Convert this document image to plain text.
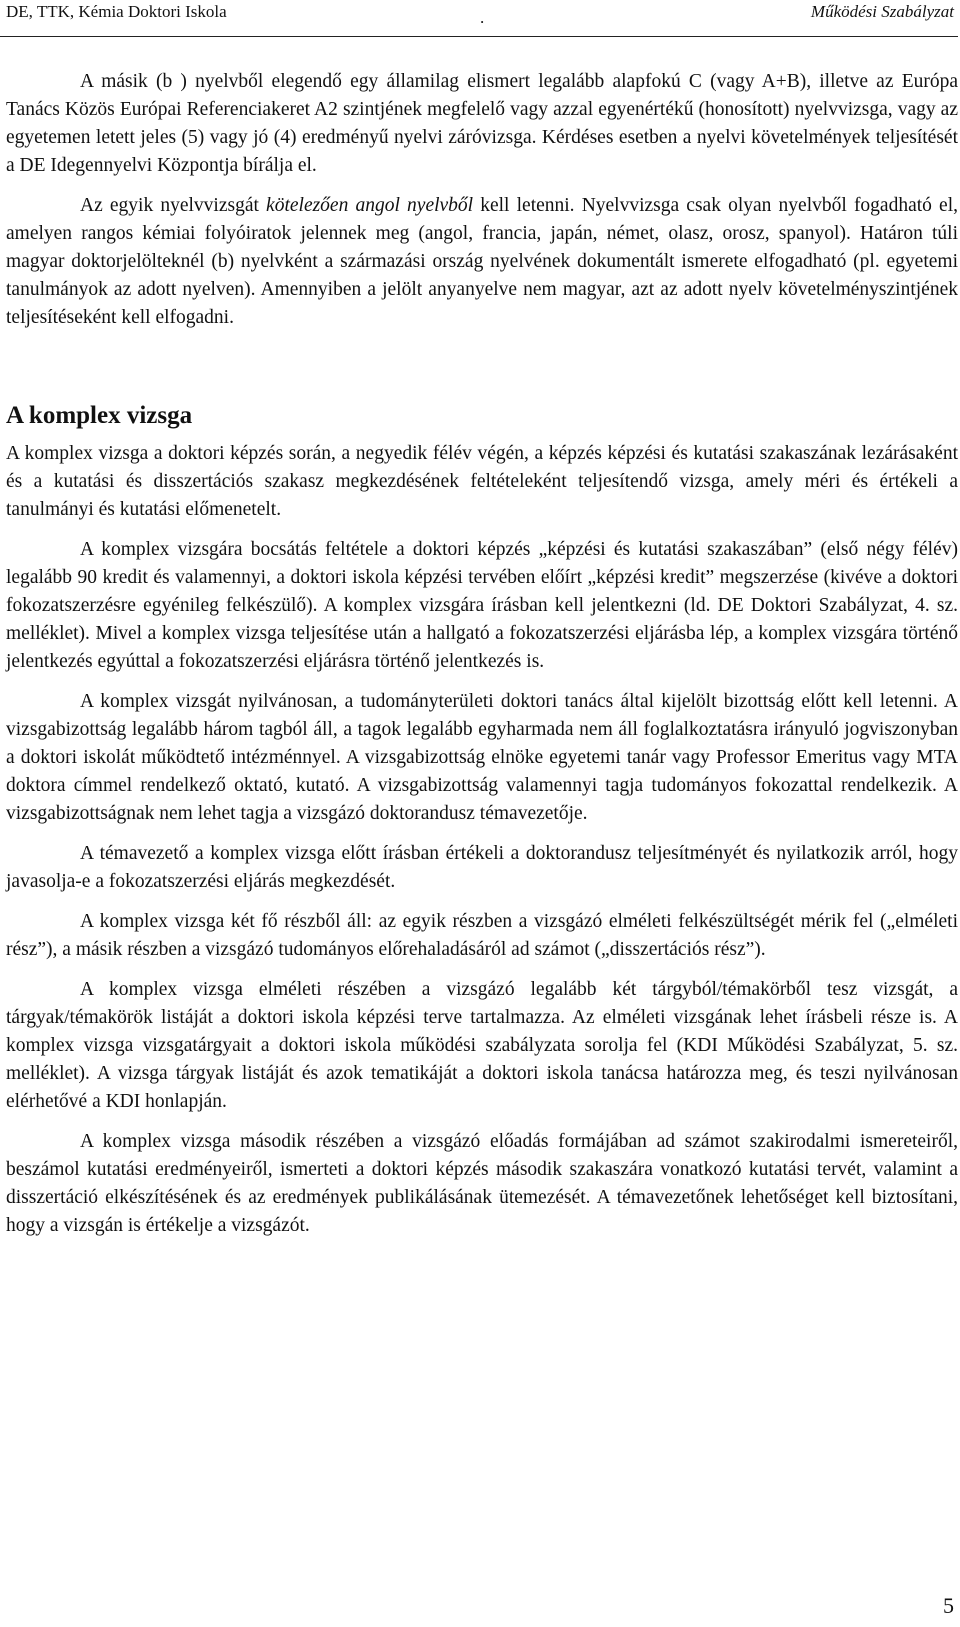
DE, TTK, Kémia Doktori Iskola	.	Működési Szabályzat

A másik (b ) nyelvből elegendő egy államilag elismert legalább alapfokú C (vagy A+B), illetve az Európa Tanács Közös Európai Referenciakeret A2 szintjének megfelelő vagy azzal egyenértékű (honosított) nyelvvizsga, vagy az egyetemen letett jeles (5) vagy jó (4) eredményű nyelvi záróvizsga. Kérdéses esetben a nyelvi követelmények teljesítését a DE Idegennyelvi Központja bírálja el.

Az egyik nyelvvizsgát kötelezően angol nyelvből kell letenni. Nyelvvizsga csak olyan nyelvből fogadható el, amelyen rangos kémiai folyóiratok jelennek meg (angol, francia, japán, német, olasz, orosz, spanyol). Határon túli magyar doktorjelölteknél (b) nyelvként a származási ország nyelvének dokumentált ismerete elfogadható (pl. egyetemi tanulmányok az adott nyelven). Amennyiben a jelölt anyanyelve nem magyar, azt az adott nyelv követelményszintjének teljesítéseként kell elfogadni.

A komplex vizsga

A komplex vizsga a doktori képzés során, a negyedik félév végén, a képzés képzési és kutatási szakaszának lezárásaként és a kutatási és disszertációs szakasz megkezdésének feltételeként teljesítendő vizsga, amely méri és értékeli a tanulmányi és kutatási előmenetelt.

A komplex vizsgára bocsátás feltétele a doktori képzés „képzési és kutatási szakaszában” (első négy félév) legalább 90 kredit és valamennyi, a doktori iskola képzési tervében előírt „képzési kredit” megszerzése (kivéve a doktori fokozatszerzésre egyénileg felkészülő). A komplex vizsgára írásban kell jelentkezni (ld. DE Doktori Szabályzat, 4. sz. melléklet). Mivel a komplex vizsga teljesítése után a hallgató a fokozatszerzési eljárásba lép, a komplex vizsgára történő jelentkezés egyúttal a fokozatszerzési eljárásra történő jelentkezés is.

A komplex vizsgát nyilvánosan, a tudományterületi doktori tanács által kijelölt bizottság előtt kell letenni. A vizsgabizottság legalább három tagból áll, a tagok legalább egyharmada nem áll foglalkoztatásra irányuló jogviszonyban a doktori iskolát működtető intézménnyel. A vizsgabizottság elnöke egyetemi tanár vagy Professor Emeritus vagy MTA doktora címmel rendelkező oktató, kutató. A vizsgabizottság valamennyi tagja tudományos fokozattal rendelkezik. A vizsgabizottságnak nem lehet tagja a vizsgázó doktorandusz témavezetője.

A témavezető a komplex vizsga előtt írásban értékeli a doktorandusz teljesítményét és nyilatkozik arról, hogy javasolja-e a fokozatszerzési eljárás megkezdését.

A komplex vizsga két fő részből áll: az egyik részben a vizsgázó elméleti felkészültségét mérik fel („elméleti rész”), a másik részben a vizsgázó tudományos előrehaladásáról ad számot („disszertációs rész”).

A komplex vizsga elméleti részében a vizsgázó legalább két tárgyból/témakörből tesz vizsgát, a tárgyak/témakörök listáját a doktori iskola képzési terve tartalmazza. Az elméleti vizsgának lehet írásbeli része is. A komplex vizsga vizsgatárgyait a doktori iskola működési szabályzata sorolja fel (KDI Működési Szabályzat, 5. sz. melléklet). A vizsga tárgyak listáját és azok tematikáját a doktori iskola tanácsa határozza meg, és teszi nyilvánosan elérhetővé a KDI honlapján.

A komplex vizsga második részében a vizsgázó előadás formájában ad számot szakirodalmi ismereteiről, beszámol kutatási eredményeiről, ismerteti a doktori képzés második szakaszára vonatkozó kutatási tervét, valamint a disszertáció elkészítésének és az eredmények publikálásának ütemezését. A témavezetőnek lehetőséget kell biztosítani, hogy a vizsgán is értékelje a vizsgázót.

5
